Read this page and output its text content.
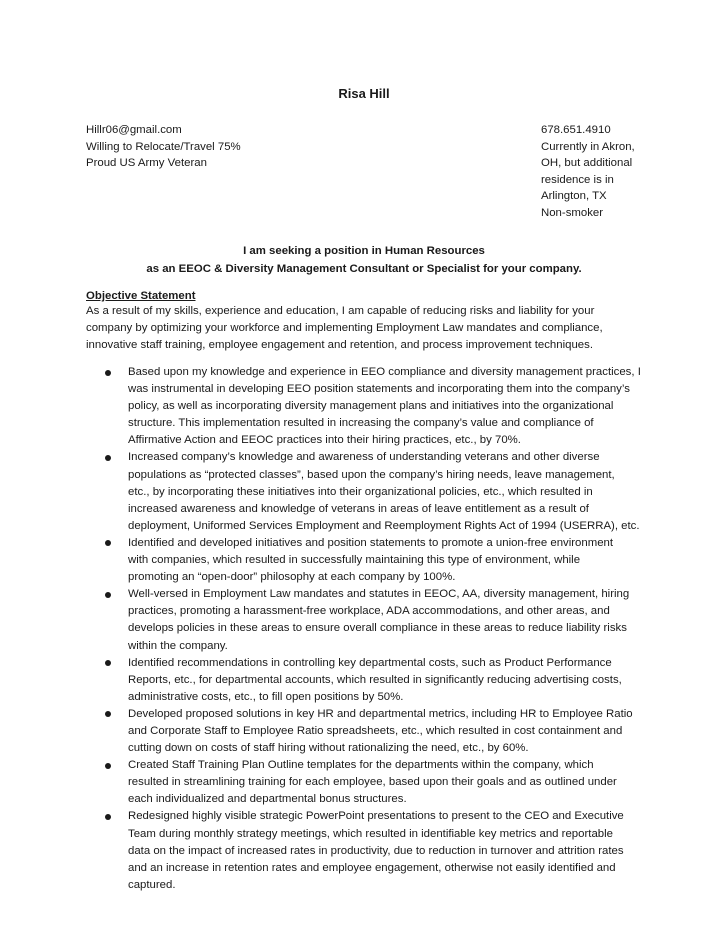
Risa Hill
Hillr06@gmail.com
Willing to Relocate/Travel 75%
Proud US Army Veteran
678.651.4910
Currently in Akron,
OH, but additional
residence is in
Arlington, TX
Non-smoker
I am seeking a position in Human Resources
as an EEOC & Diversity Management Consultant or Specialist for your company.
Objective Statement
As a result of my skills, experience and education, I am capable of reducing risks and liability for your
company by optimizing your workforce and implementing Employment Law mandates and compliance,
innovative staff training, employee engagement and retention, and process improvement techniques.
Based upon my knowledge and experience in EEO compliance and diversity management practices, I
was instrumental in developing EEO position statements and incorporating them into the company’s
policy, as well as incorporating diversity management plans and initiatives into the organizational
structure. This implementation resulted in increasing the company’s value and compliance of
Affirmative Action and EEOC practices into their hiring practices, etc., by 70%.
Increased company’s knowledge and awareness of understanding veterans and other diverse
populations as “protected classes”, based upon the company’s hiring needs, leave management,
etc., by incorporating these initiatives into their organizational policies, etc., which resulted in
increased awareness and knowledge of veterans in areas of leave entitlement as a result of
deployment, Uniformed Services Employment and Reemployment Rights Act of 1994 (USERRA), etc.
Identified and developed initiatives and position statements to promote a union-free environment
with companies, which resulted in successfully maintaining this type of environment, while
promoting an “open-door” philosophy at each company by 100%.
Well-versed in Employment Law mandates and statutes in EEOC, AA, diversity management, hiring
practices, promoting a harassment-free workplace, ADA accommodations, and other areas, and
develops policies in these areas to ensure overall compliance in these areas to reduce liability risks
within the company.
Identified recommendations in controlling key departmental costs, such as Product Performance
Reports, etc., for departmental accounts, which resulted in significantly reducing advertising costs,
administrative costs, etc., to fill open positions by 50%.
Developed proposed solutions in key HR and departmental metrics, including HR to Employee Ratio
and Corporate Staff to Employee Ratio spreadsheets, etc., which resulted in cost containment and
cutting down on costs of staff hiring without rationalizing the need, etc., by 60%.
Created Staff Training Plan Outline templates for the departments within the company, which
resulted in streamlining training for each employee, based upon their goals and as outlined under
each individualized and departmental bonus structures.
Redesigned highly visible strategic PowerPoint presentations to present to the CEO and Executive
Team during monthly strategy meetings, which resulted in identifiable key metrics and reportable
data on the impact of increased rates in productivity, due to reduction in turnover and attrition rates
and an increase in retention rates and employee engagement, otherwise not easily identified and
captured.
